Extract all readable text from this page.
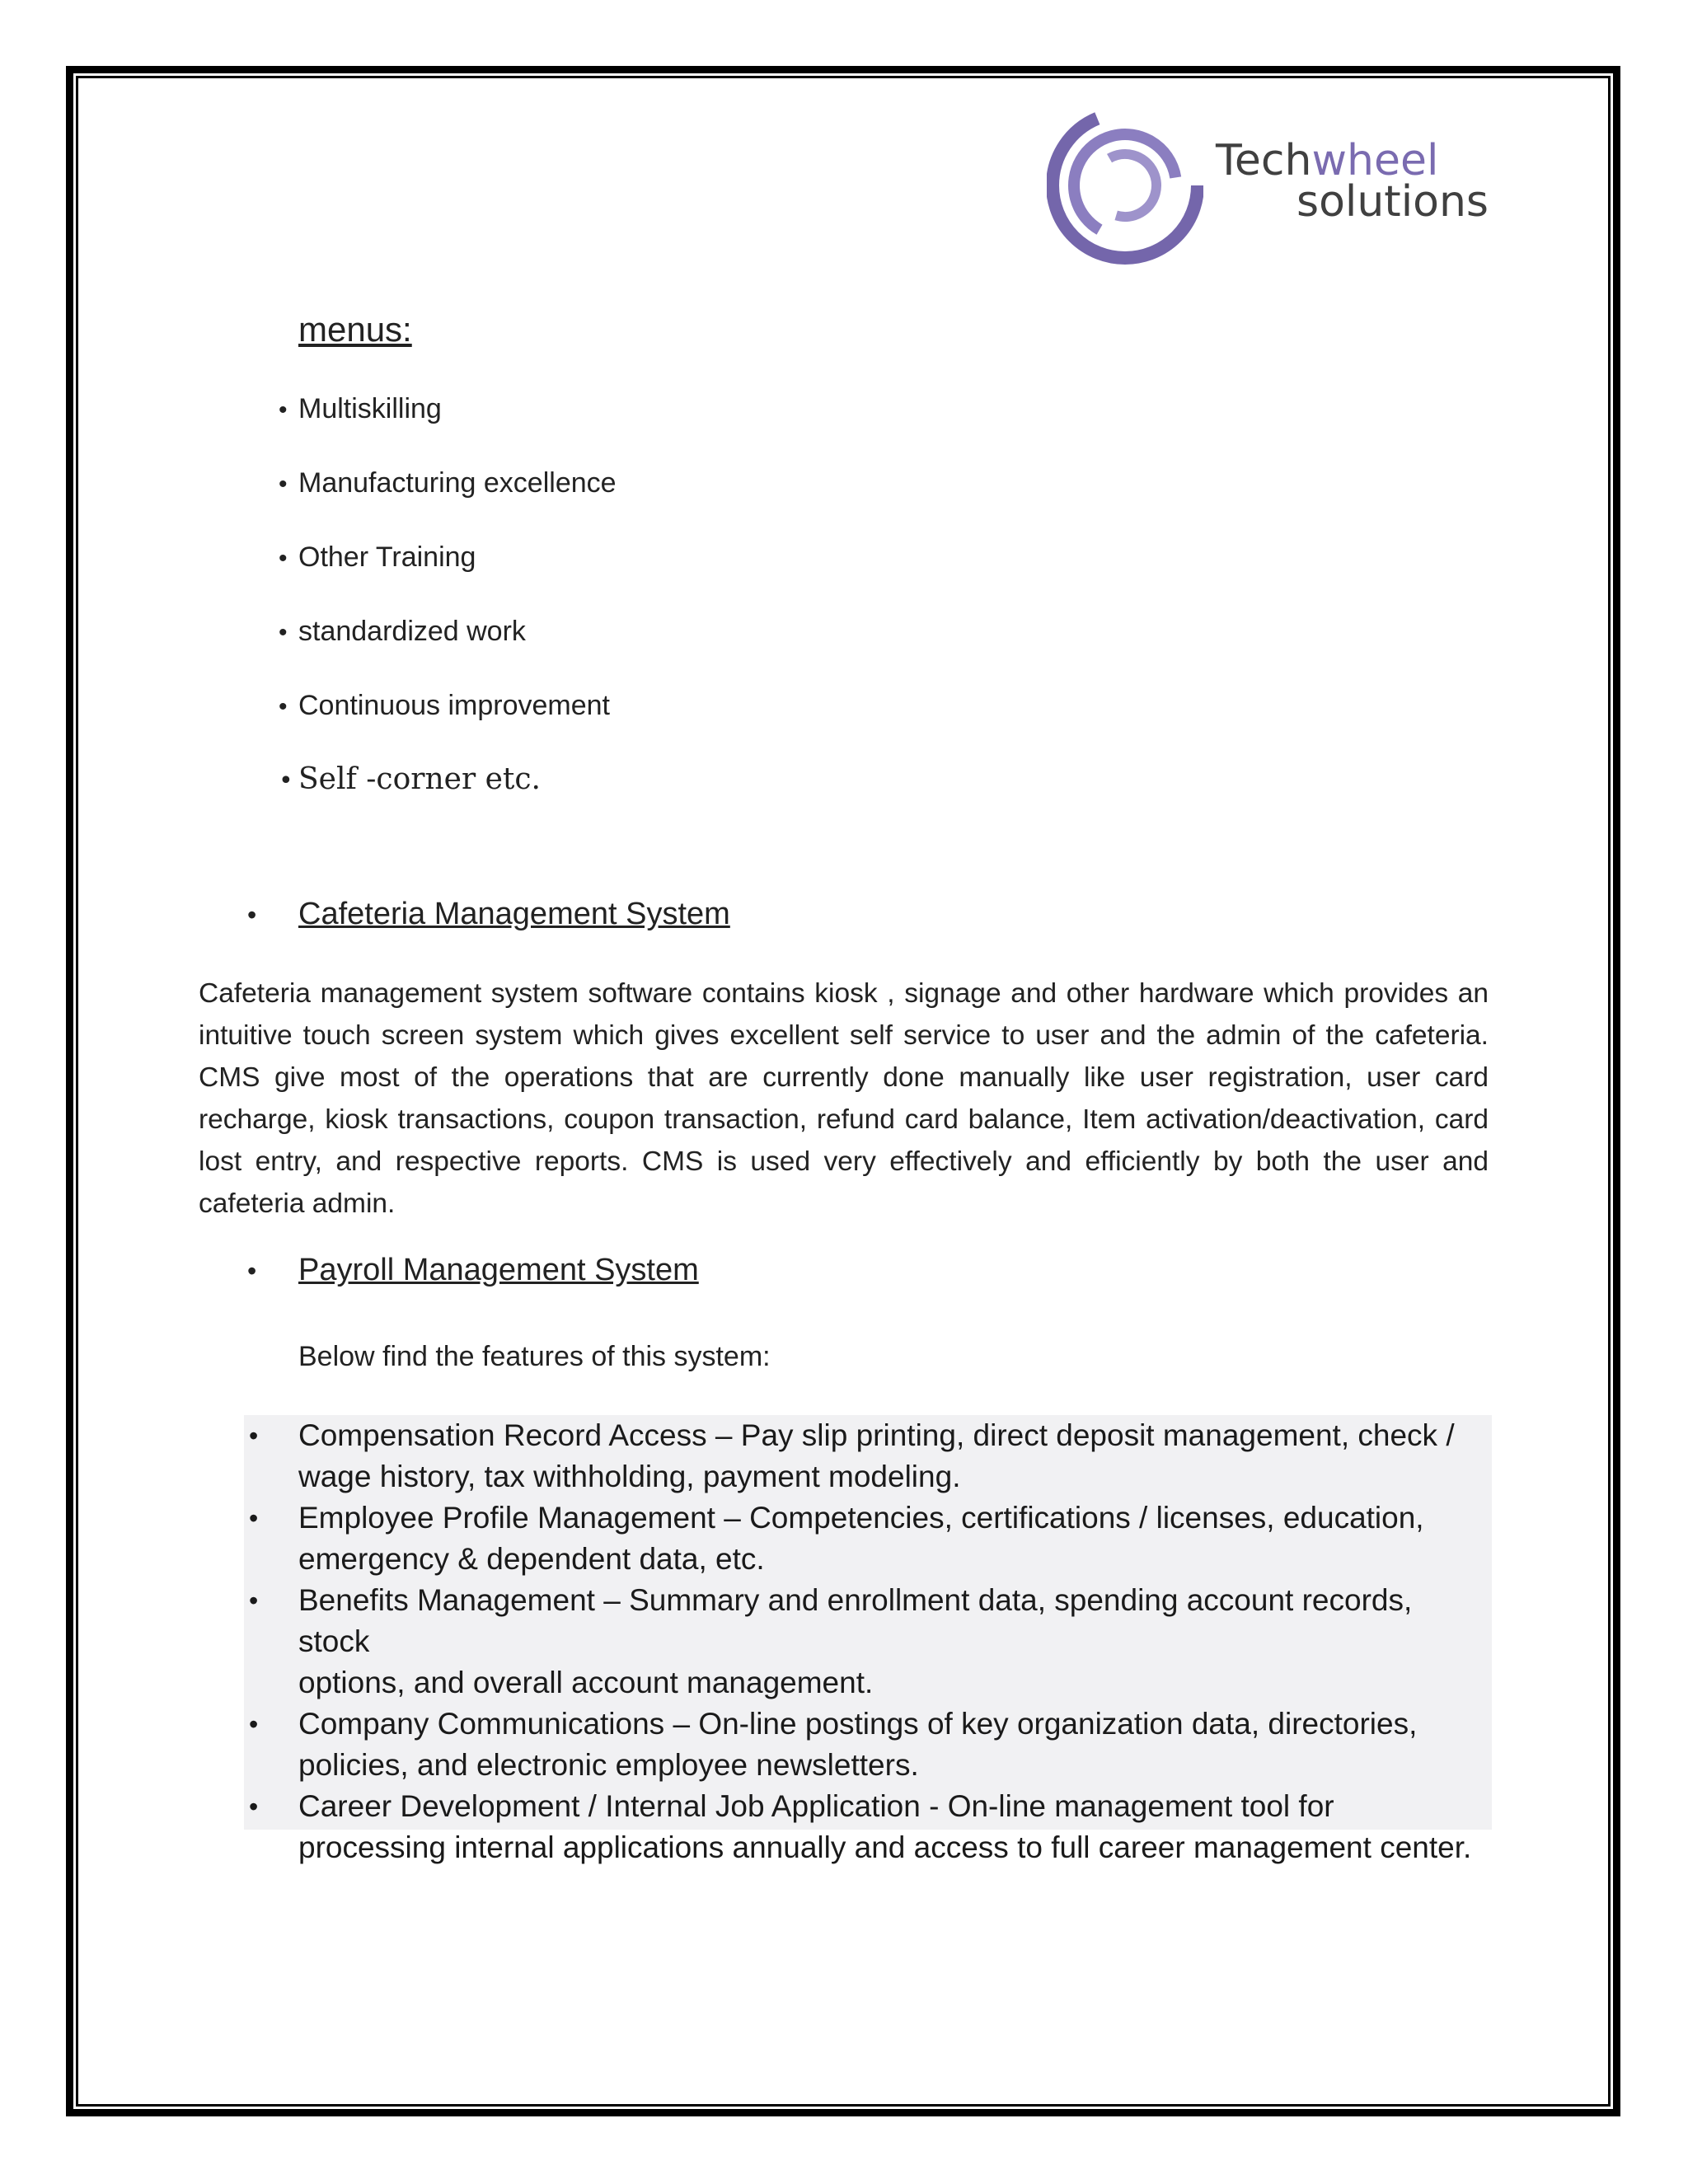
Techwheel
solutions
menus:
• Multiskilling
• Manufacturing excellence
• Other Training
• standardized work
• Continuous improvement
• Self -corner etc.
• Cafeteria Management System
Cafeteria management system software contains kiosk , signage and other hardware which provides an intuitive touch screen system which gives excellent self service to user and the admin of the cafeteria. CMS give most of the operations that are currently done manually like user registration, user card recharge, kiosk transactions, coupon transaction, refund card balance, Item activation/deactivation, card lost entry, and respective reports. CMS is used very effectively and efficiently by both the user and cafeteria admin.
• Payroll Management System
Below find the features of this system:
• Compensation Record Access – Pay slip printing, direct deposit management, check /
wage history, tax withholding, payment modeling.
• Employee Profile Management – Competencies, certifications / licenses, education,
emergency & dependent data, etc.
• Benefits Management – Summary and enrollment data, spending account records, stock
options, and overall account management.
• Company Communications – On-line postings of key organization data, directories,
policies, and electronic employee newsletters.
• Career Development / Internal Job Application - On-line management tool for
processing internal applications annually and access to full career management center.
